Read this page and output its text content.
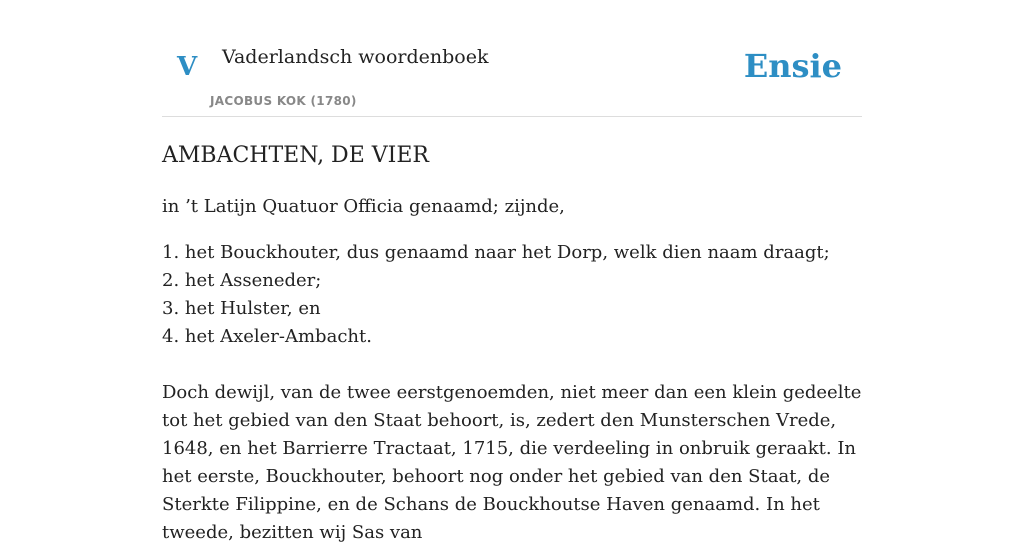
V Vaderlandsch woordenboek
JACOBUS KOK (1780)
Ensie
AMBACHTEN, DE VIER

in ’t Latijn Quatuor Officia genaamd; zijnde,

1. het Bouckhouter, dus genaamd naar het Dorp, welk dien naam draagt;
2. het Asseneder;
3. het Hulster, en
4. het Axeler-Ambacht.

Doch dewijl, van de twee eerstgenoemden, niet meer dan een klein gedeelte tot het gebied van den Staat behoort, is, zedert den Munsterschen Vrede, 1648, en het Barrierre Tractaat, 1715, die verdeeling in onbruik geraakt. In het eerste, Bouckhouter, behoort nog onder het gebied van den Staat, de Sterkte Filippine, en de Schans de Bouckhoutse Haven genaamd. In het tweede, bezitten wij Sas van
